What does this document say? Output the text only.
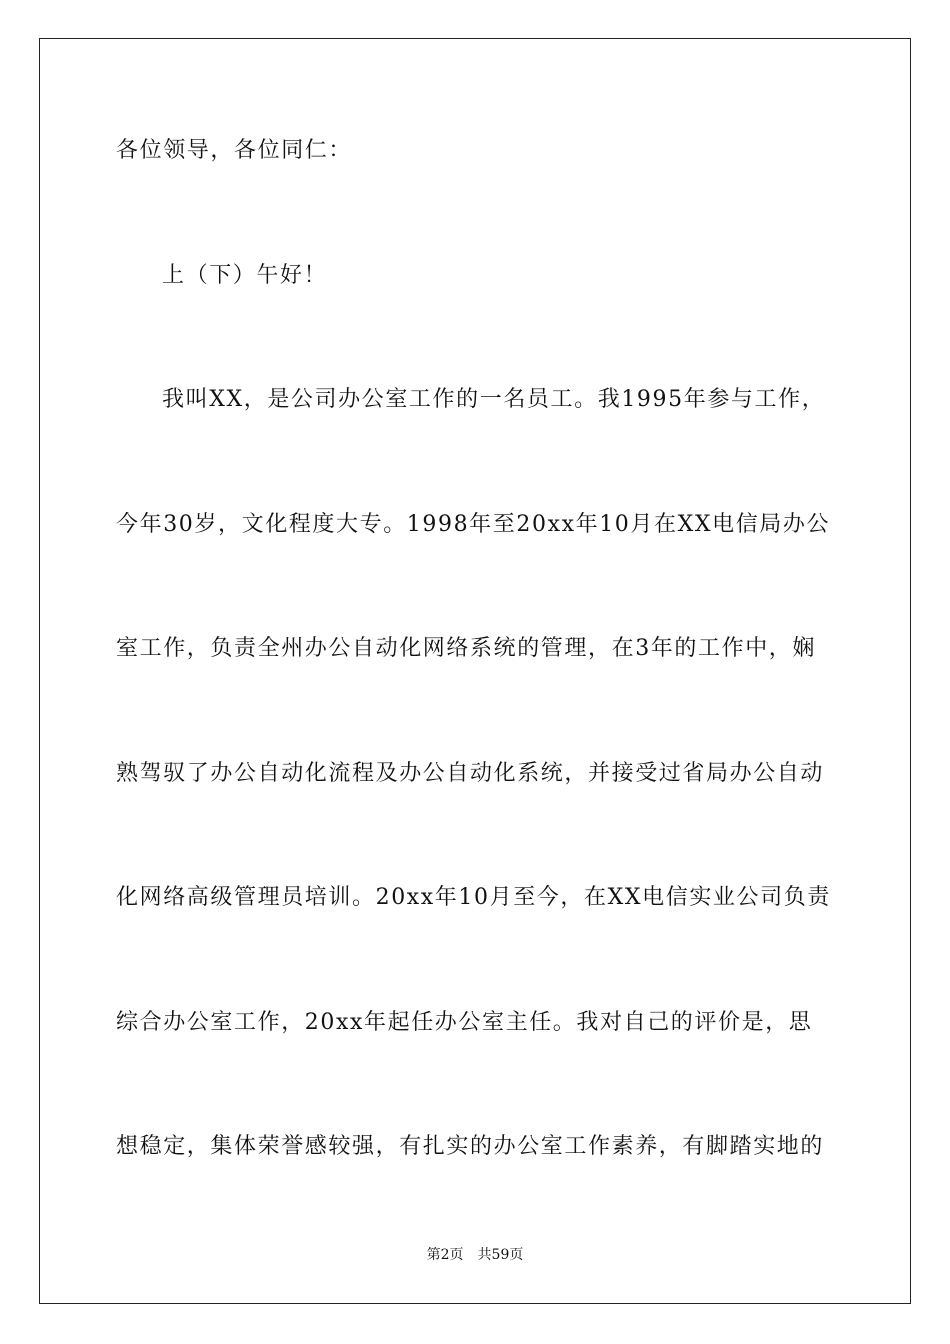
各位领导，各位同仁：
上（下）午好！
我叫XX，是公司办公室工作的一名员工。我1995年参与工作，
今年30岁，文化程度大专。1998年至20xx年10月在XX电信局办公
室工作，负责全州办公自动化网络系统的管理，在3年的工作中，娴
熟驾驭了办公自动化流程及办公自动化系统，并接受过省局办公自动
化网络高级管理员培训。20xx年10月至今，在XX电信实业公司负责
综合办公室工作，20xx年起任办公室主任。我对自己的评价是，思
想稳定，集体荣誉感较强，有扎实的办公室工作素养，有脚踏实地的
第2页 共59页
